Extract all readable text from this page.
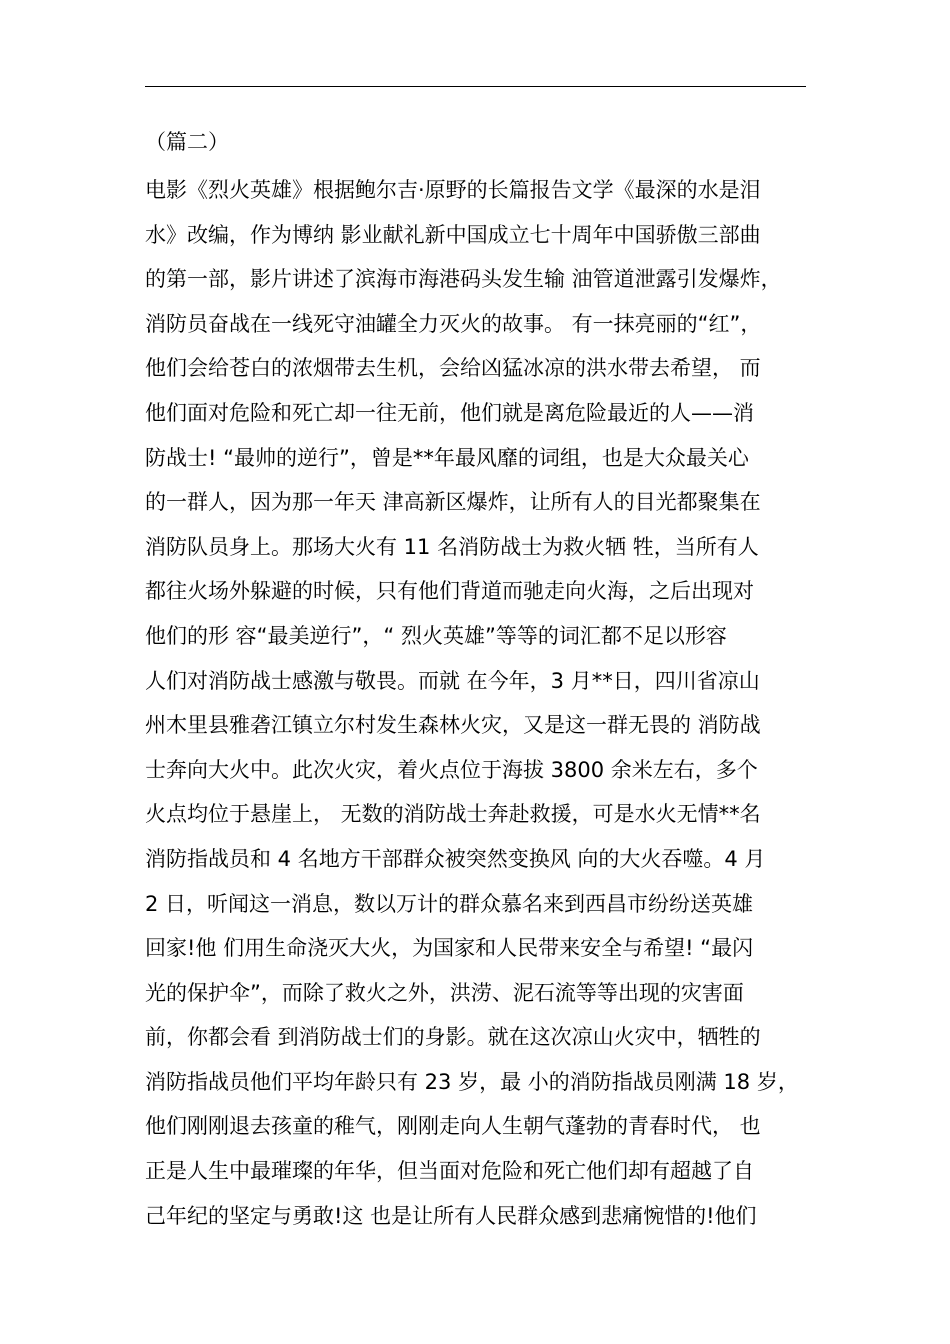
（篇二）
电影《烈火英雄》根据鲍尔吉·原野的长篇报告文学《最深的水是泪
水》改编，作为博纳 影业献礼新中国成立七十周年中国骄傲三部曲
的第一部，影片讲述了滨海市海港码头发生输 油管道泄露引发爆炸，
消防员奋战在一线死守油罐全力灭火的故事。 有一抹亮丽的“红”，
他们会给苍白的浓烟带去生机，会给凶猛冰凉的洪水带去希望， 而
他们面对危险和死亡却一往无前，他们就是离危险最近的人——消
防战士! “最帅的逆行”，曾是**年最风靡的词组，也是大众最关心
的一群人，因为那一年天 津高新区爆炸，让所有人的目光都聚集在
消防队员身上。那场大火有 11 名消防战士为救火牺 牲，当所有人
都往火场外躲避的时候，只有他们背道而驰走向火海，之后出现对
他们的形 容“最美逆行”，“ 烈火英雄”等等的词汇都不足以形容
人们对消防战士感激与敬畏。而就 在今年，3 月**日，四川省凉山
州木里县雅砻江镇立尔村发生森林火灾，又是这一群无畏的 消防战
士奔向大火中。此次火灾，着火点位于海拔 3800 余米左右，多个
火点均位于悬崖上， 无数的消防战士奔赴救援，可是水火无情**名
消防指战员和 4 名地方干部群众被突然变换风 向的大火吞噬。4 月
2 日，听闻这一消息，数以万计的群众慕名来到西昌市纷纷送英雄
回家!他 们用生命浇灭大火，为国家和人民带来安全与希望! “最闪
光的保护伞”，而除了救火之外，洪涝、泥石流等等出现的灾害面
前，你都会看 到消防战士们的身影。就在这次凉山火灾中，牺牲的
消防指战员他们平均年龄只有 23 岁，最 小的消防指战员刚满 18 岁，
他们刚刚退去孩童的稚气，刚刚走向人生朝气蓬勃的青春时代， 也
正是人生中最璀璨的年华，但当面对危险和死亡他们却有超越了自
己年纪的坚定与勇敢!这 也是让所有人民群众感到悲痛惋惜的!他们
